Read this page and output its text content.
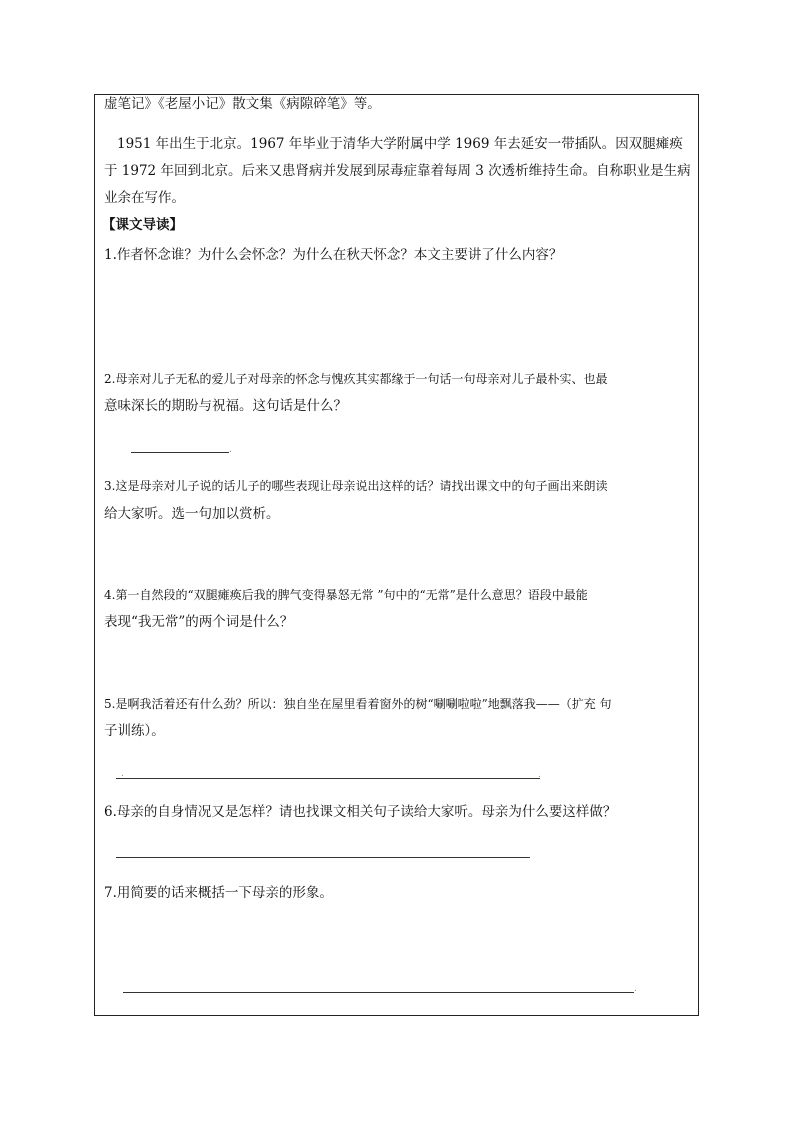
虚笔记》《老屋小记》散文集《病隙碎笔》等。
1951 年出生于北京。1967 年毕业于清华大学附属中学 1969 年去延安一带插队。因双腿瘫痪
于 1972 年回到北京。后来又患肾病并发展到尿毒症靠着每周 3 次透析维持生命。自称职业是生病
业余在写作。
【课文导读】
1.作者怀念谁？为什么会怀念？为什么在秋天怀念？本文主要讲了什么内容？
2.母亲对儿子无私的爱儿子对母亲的怀念与愧疚其实都缘于一句话一句母亲对儿子最朴实、也最
意味深长的期盼与祝福。这句话是什么？
.
3.这是母亲对儿子说的话儿子的哪些表现让母亲说出这样的话？请找出课文中的句子画出来朗读
给大家听。选一句加以赏析。
4.第一自然段的“双腿瘫痪后我的脾气变得暴怒无常 ”句中的“无常”是什么意思？语段中最能
表现“我无常”的两个词是什么？
5.是啊我活着还有什么劲？所以：独自坐在屋里看着窗外的树“唰唰啦啦”地飘落我——（扩充 句
子训练）。
.	.
6.母亲的自身情况又是怎样？请也找课文相关句子读给大家听。母亲为什么要这样做？
7.用简要的话来概括一下母亲的形象。
.
